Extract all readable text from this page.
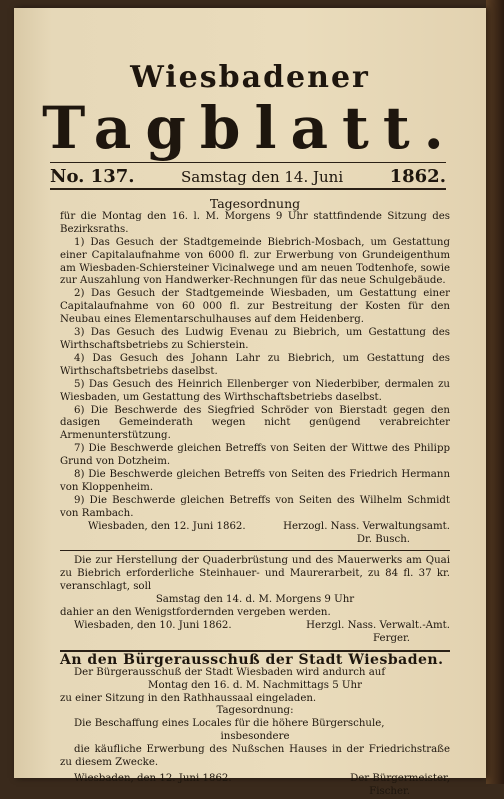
Wiesbadener
Tagblatt.
No. 137.	Samstag den 14. Juni	1862.

Tagesordnung

für die Montag den 16. l. M. Morgens 9 Uhr stattfindende Sitzung des Bezirksraths.

1) Das Gesuch der Stadtgemeinde Biebrich-Mosbach, um Gestattung einer Capitalaufnahme von 6000 fl. zur Erwerbung von Grundeigenthum am Wiesbaden-Schiersteiner Vicinalwege und am neuen Todtenhofe, sowie zur Auszahlung von Handwerker-Rechnungen für das neue Schulgebäude.

2) Das Gesuch der Stadtgemeinde Wiesbaden, um Gestattung einer Capitalaufnahme von 60 000 fl. zur Bestreitung der Kosten für den Neubau eines Elementarschulhauses auf dem Heidenberg.

3) Das Gesuch des Ludwig Evenau zu Biebrich, um Gestattung des Wirthschaftsbetriebs zu Schierstein.

4) Das Gesuch des Johann Lahr zu Biebrich, um Gestattung des Wirthschaftsbetriebs daselbst.

5) Das Gesuch des Heinrich Ellenberger von Niederbiber, dermalen zu Wiesbaden, um Gestattung des Wirthschaftsbetriebs daselbst.

6) Die Beschwerde des Siegfried Schröder von Bierstadt gegen den dasigen Gemeinderath wegen nicht genügend verabreichter Armenunterstützung.

7) Die Beschwerde gleichen Betreffs von Seiten der Wittwe des Philipp Grund von Dotzheim.

8) Die Beschwerde gleichen Betreffs von Seiten des Friedrich Hermann von Kloppenheim.

9) Die Beschwerde gleichen Betreffs von Seiten des Wilhelm Schmidt von Rambach.

Wiesbaden, den 12. Juni 1862.	Herzogl. Nass. Verwaltungsamt.

Dr. Busch.

Die zur Herstellung der Quaderbrüstung und des Mauerwerks am Quai zu Biebrich erforderliche Steinhauer- und Maurerarbeit, zu 84 fl. 37 kr. veranschlagt, soll

Samstag den 14. d. M. Morgens 9 Uhr

dahier an den Wenigstfordernden vergeben werden.

Wiesbaden, den 10. Juni 1862.	Herzgl. Nass. Verwalt.-Amt.

Ferger.

An den Bürgerausschuß der Stadt Wiesbaden.

Der Bürgerausschuß der Stadt Wiesbaden wird andurch auf

Montag den 16. d. M. Nachmittags 5 Uhr

zu einer Sitzung in den Rathhaussaal eingeladen.

Tagesordnung:

Die Beschaffung eines Locales für die höhere Bürgerschule,

insbesondere

die käufliche Erwerbung des Nußschen Hauses in der Friedrichstraße zu diesem Zwecke.

Wiesbaden, den 12. Juni 1862.	Der Bürgermeister,

Fischer.
